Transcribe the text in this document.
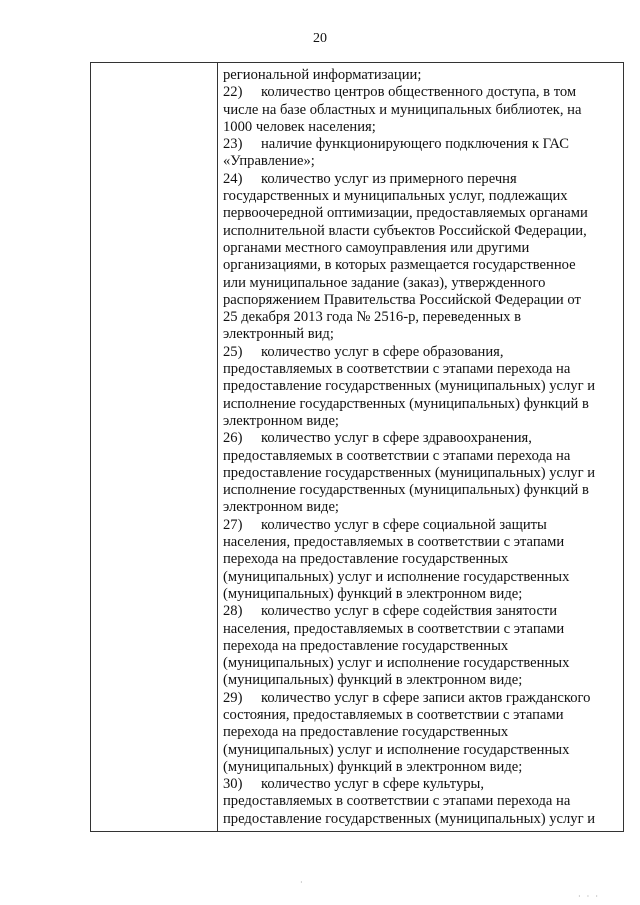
20
региональной информатизации;
22) количество центров общественного доступа, в том
числе на базе областных и муниципальных библиотек, на
1000 человек населения;
23) наличие функционирующего подключения к ГАС
«Управление»;
24) количество услуг из примерного перечня
государственных и муниципальных услуг, подлежащих
первоочередной оптимизации, предоставляемых органами
исполнительной власти субъектов Российской Федерации,
органами местного самоуправления или другими
организациями, в которых размещается государственное
или муниципальное задание (заказ), утвержденного
распоряжением Правительства Российской Федерации от
25 декабря 2013 года № 2516-р, переведенных в
электронный вид;
25) количество услуг в сфере образования,
предоставляемых в соответствии с этапами перехода на
предоставление государственных (муниципальных) услуг и
исполнение государственных (муниципальных) функций в
электронном виде;
26) количество услуг в сфере здравоохранения,
предоставляемых в соответствии с этапами перехода на
предоставление государственных (муниципальных) услуг и
исполнение государственных (муниципальных) функций в
электронном виде;
27) количество услуг в сфере социальной защиты
населения, предоставляемых в соответствии с этапами
перехода на предоставление государственных
(муниципальных) услуг и исполнение государственных
(муниципальных) функций в электронном виде;
28) количество услуг в сфере содействия занятости
населения, предоставляемых в соответствии с этапами
перехода на предоставление государственных
(муниципальных) услуг и исполнение государственных
(муниципальных) функций в электронном виде;
29) количество услуг в сфере записи актов гражданского
состояния, предоставляемых в соответствии с этапами
перехода на предоставление государственных
(муниципальных) услуг и исполнение государственных
(муниципальных) функций в электронном виде;
30) количество услуг в сфере культуры,
предоставляемых в соответствии с этапами перехода на
предоставление государственных (муниципальных) услуг и
·
· · ·
